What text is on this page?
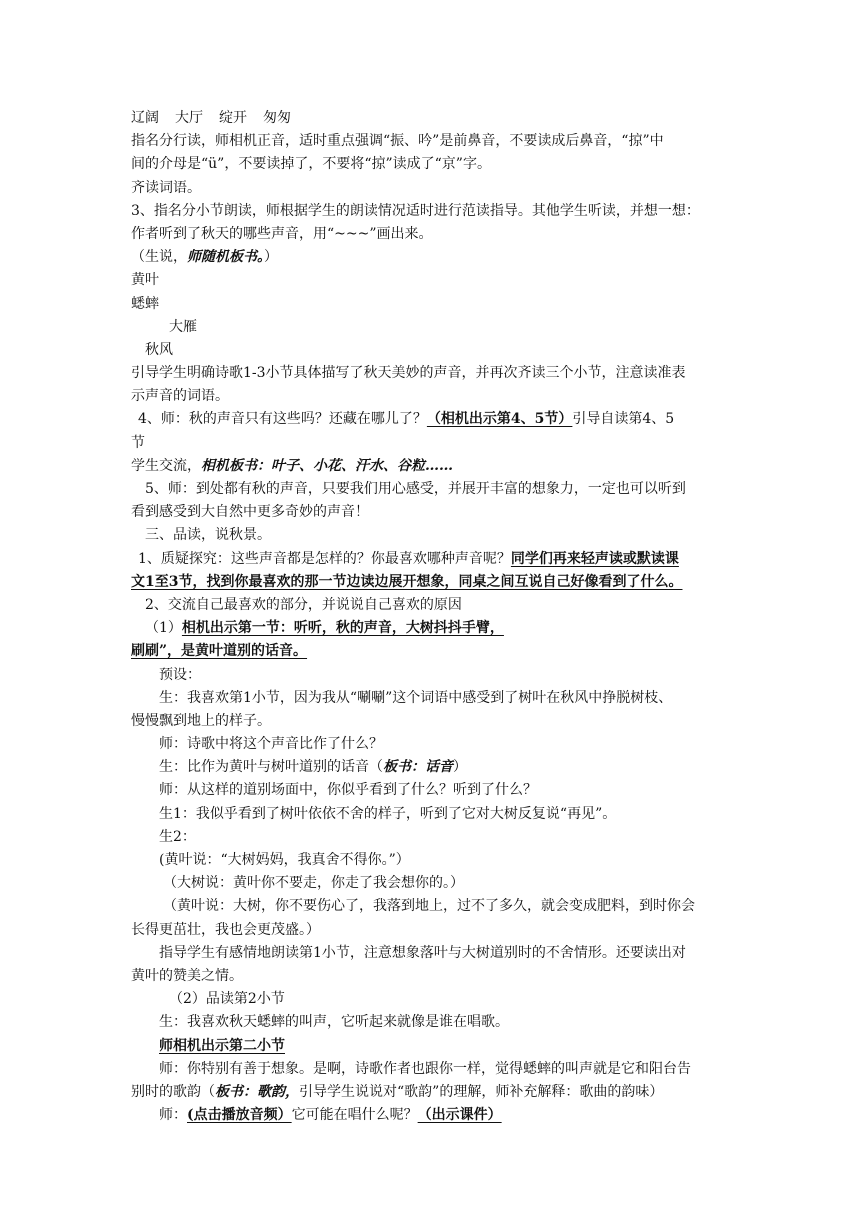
辽阔 大厅 绽开 匆匆
指名分行读，师相机正音，适时重点强调“振、吟”是前鼻音，不要读成后鼻音，“掠”中
间的介母是“ü”，不要读掉了，不要将“掠”读成了“京”字。
齐读词语。
3、指名分小节朗读，师根据学生的朗读情况适时进行范读指导。其他学生听读，并想一想：
作者听到了秋天的哪些声音，用“~~~”画出来。
（生说，师随机板书。）
黄叶
蟋蟀
大雁
秋风
引导学生明确诗歌1-3小节具体描写了秋天美妙的声音，并再次齐读三个小节，注意读准表
示声音的词语。
4、师：秋的声音只有这些吗？还藏在哪儿了？（相机出示第4、5节）引导自读第4、5
节
学生交流，相机板书：叶子、小花、汗水、谷粒……
5、师：到处都有秋的声音，只要我们用心感受，并展开丰富的想象力，一定也可以听到
看到感受到大自然中更多奇妙的声音！
三、品读，说秋景。
1、质疑探究：这些声音都是怎样的？你最喜欢哪种声音呢？同学们再来轻声读或默读课
文1至3节，找到你最喜欢的那一节边读边展开想象，同桌之间互说自己好像看到了什么。
2、交流自己最喜欢的部分，并说说自己喜欢的原因
（1）相机出示第一节：听听，秋的声音，大树抖抖手臂，
刷刷”，是黄叶道别的话音。
预设：
生：我喜欢第1小节，因为我从“唰唰”这个词语中感受到了树叶在秋风中挣脱树枝、
慢慢飘到地上的样子。
师：诗歌中将这个声音比作了什么？
生：比作为黄叶与树叶道别的话音（板书：话音）
师：从这样的道别场面中，你似乎看到了什么？听到了什么？
生1：我似乎看到了树叶依依不舍的样子，听到了它对大树反复说“再见”。
生2：
(黄叶说：“大树妈妈，我真舍不得你。”）
（大树说：黄叶你不要走，你走了我会想你的。）
（黄叶说：大树，你不要伤心了，我落到地上，过不了多久，就会变成肥料，到时你会
长得更茁壮，我也会更茂盛。）
指导学生有感情地朗读第1小节，注意想象落叶与大树道别时的不舍情形。还要读出对
黄叶的赞美之情。
（2）品读第2小节
生：我喜欢秋天蟋蟀的叫声，它听起来就像是谁在唱歌。
师相机出示第二小节
师：你特别有善于想象。是啊，诗歌作者也跟你一样，觉得蟋蟀的叫声就是它和阳台告
别时的歌韵（板书：歌韵，引导学生说说对“歌韵”的理解，师补充解释：歌曲的韵味）
师：(点击播放音频）它可能在唱什么呢？（出示课件）
